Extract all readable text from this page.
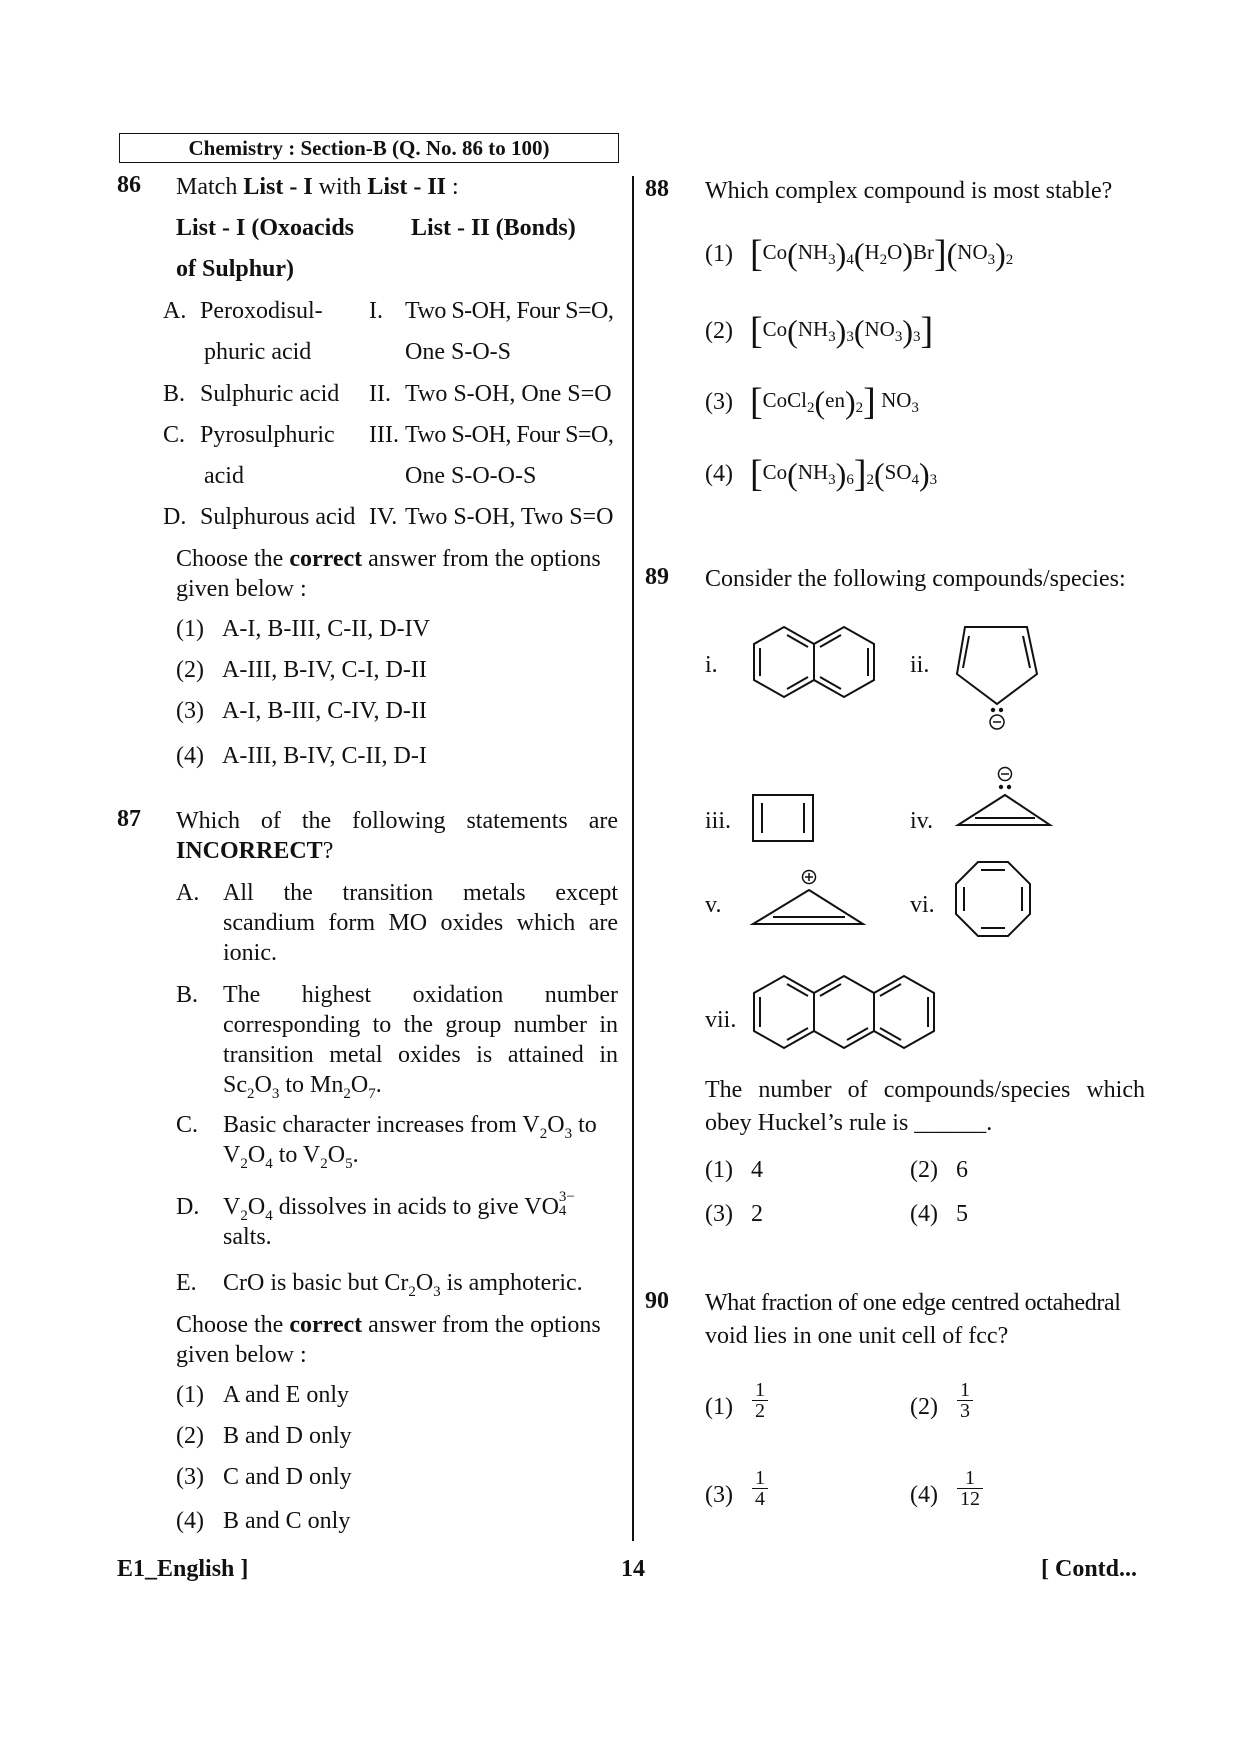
Chemistry : Section-B (Q. No. 86 to 100)
86 Match List - I with List - II :
List - I (Oxoacids
of Sulphur)
List - II (Bonds)
A. Peroxodisul-
phuric acid
I. Two S-OH, Four S=O,
One S-O-S
B. Sulphuric acid II. Two S-OH, One S=O
C. Pyrosulphuric
acid
III. Two S-OH, Four S=O,
One S-O-O-S
D. Sulphurous acid IV. Two S-OH, Two S=O
Choose the correct answer from the options
given below :
(1) A-I, B-III, C-II, D-IV
(2) A-III, B-IV, C-I, D-II
(3) A-I, B-III, C-IV, D-II
(4) A-III, B-IV, C-II, D-I
87 Which of the following statements are
INCORRECT?
A. All the transition metals except scandium form MO oxides which are ionic.
B. The highest oxidation number corresponding to the group number in transition metal oxides is attained in $Sc_2O_3$ to $Mn_2O_7$.
C. Basic character increases from $V_2O_3$ to
$V_2O_4$ to $V_2O_5$.
D. $V_2O_4$ dissolves in acids to give VO 3−
4

salts.
E. CrO is basic but $Cr_2O_3$ is amphoteric.
Choose the correct answer from the options
given below :
(1) A and E only
(2) B and D only
(3) C and D only
(4) B and C only
88 Which complex compound is most stable?
(1) $[Co(NH_3)_4(H_2O)Br](NO_3)_2$
(2) $[Co(NH_3)_3(NO_3)_3]$
(3) $[CoCl_2(en)_2]$ $NO_3$
(4) $[Co(NH_3)_6]_2(SO_4)_3$
89 Consider the following compounds/species:
i.	ii.
iii.	iv.
v.	vi.
vii.
The number of compounds/species which
obey Huckel’s rule is ______.
(1) 4	(2) 6
(3) 2	(4) 5
90 What fraction of one edge centred octahedral
void lies in one unit cell of fcc?
$(1) \frac{1}{2}$	$(2) \frac{1}{3}$
$(3) \frac{1}{4}$	$(4) \frac{1}{12}$
E1_English ]	14	[ Contd...
